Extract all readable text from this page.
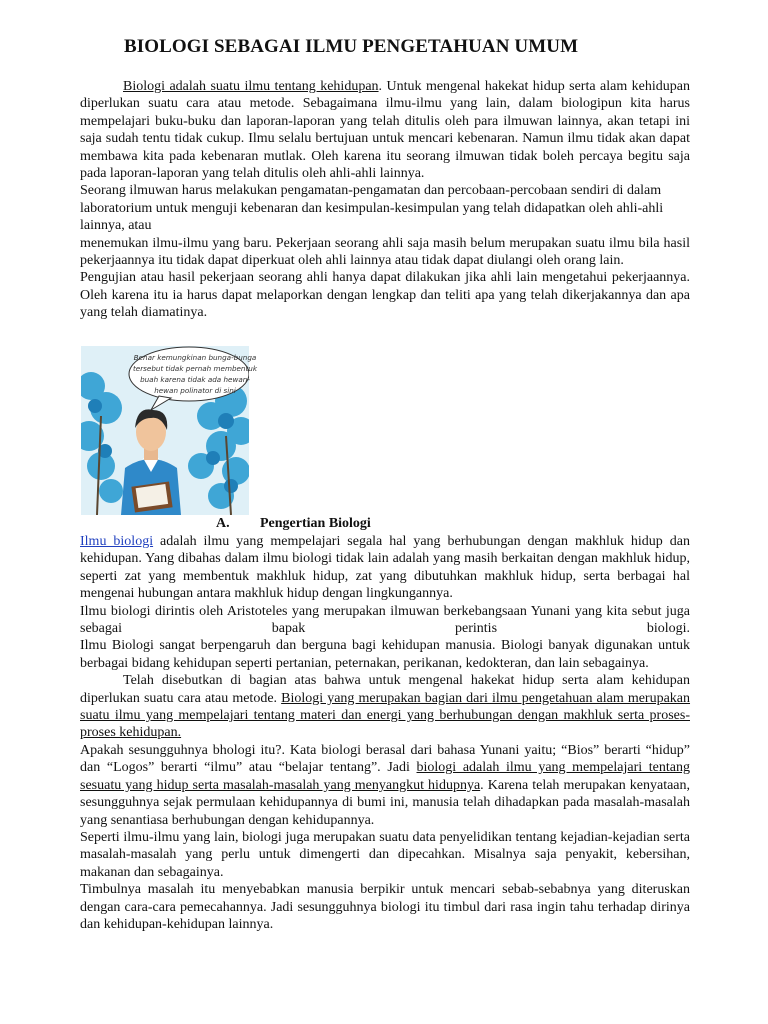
BIOLOGI SEBAGAI ILMU PENGETAHUAN UMUM

Biologi adalah suatu ilmu tentang kehidupan. Untuk mengenal hakekat hidup serta alam kehidupan diperlukan suatu cara atau metode. Sebagaimana ilmu-ilmu yang lain, dalam biologipun kita harus mempelajari buku-buku dan laporan-laporan yang telah ditulis oleh para ilmuwan lainnya, akan tetapi ini saja sudah tentu tidak cukup. Ilmu selalu bertujuan untuk mencari kebenaran. Namun ilmu tidak akan dapat membawa kita pada kebenaran mutlak. Oleh karena itu seorang ilmuwan tidak boleh percaya begitu saja pada laporan-laporan yang telah ditulis oleh ahli-ahli lainnya.

Seorang ilmuwan harus melakukan pengamatan-pengamatan dan percobaan-percobaan sendiri di dalam laboratorium untuk menguji kebenaran dan kesimpulan-kesimpulan yang telah didapatkan oleh ahli-ahli lainnya, atau

menemukan ilmu-ilmu yang baru. Pekerjaan seorang ahli saja masih belum merupakan suatu ilmu bila hasil pekerjaannya itu tidak dapat diperkuat oleh ahli lainnya atau tidak dapat diulangi oleh orang lain.

Pengujian atau hasil pekerjaan seorang ahli hanya dapat dilakukan jika ahli lain mengetahui pekerjaannya. Oleh karena itu ia harus dapat melaporkan dengan lengkap dan teliti apa yang telah dikerjakannya dan apa yang telah diamatinya.

Benar kemungkinan bunga-bunga tersebut tidak pernah membentuk buah karena tidak ada hewan-hewan polinator di sini
A. Pengertian Biologi

Ilmu biologi adalah ilmu yang mempelajari segala hal yang berhubungan dengan makhluk hidup dan kehidupan. Yang dibahas dalam ilmu biologi tidak lain adalah yang masih berkaitan dengan makhluk hidup, seperti zat yang membentuk makhluk hidup, zat yang dibutuhkan makhluk hidup, serta berbagai hal mengenai hubungan antara makhluk hidup dengan lingkungannya.

Ilmu biologi dirintis oleh Aristoteles yang merupakan ilmuwan berkebangsaan Yunani yang kita sebut juga sebagai bapak perintis biologi.

Ilmu Biologi sangat berpengaruh dan berguna bagi kehidupan manusia. Biologi banyak digunakan untuk berbagai bidang kehidupan seperti pertanian, peternakan, perikanan, kedokteran, dan lain sebagainya.

Telah disebutkan di bagian atas bahwa untuk mengenal hakekat hidup serta alam kehidupan diperlukan suatu cara atau metode. Biologi yang merupakan bagian dari ilmu pengetahuan alam merupakan suatu ilmu yang mempelajari tentang materi dan energi yang berhubungan dengan makhluk serta proses-proses kehidupan.

Apakah sesungguhnya bhologi itu?. Kata biologi berasal dari bahasa Yunani yaitu; “Bios” berarti “hidup” dan “Logos” berarti “ilmu” atau “belajar tentang”. Jadi biologi adalah ilmu yang mempelajari tentang sesuatu yang hidup serta masalah-masalah yang menyangkut hidupnya. Karena telah merupakan kenyataan, sesungguhnya sejak permulaan kehidupannya di bumi ini, manusia telah dihadapkan pada masalah-masalah yang senantiasa berhubungan dengan kehidupannya.

Seperti ilmu-ilmu yang lain, biologi juga merupakan suatu data penyelidikan tentang kejadian-kejadian serta masalah-masalah yang perlu untuk dimengerti dan dipecahkan. Misalnya saja penyakit, kebersihan, makanan dan sebagainya.

Timbulnya masalah itu menyebabkan manusia berpikir untuk mencari sebab-sebabnya yang diteruskan dengan cara-cara pemecahannya. Jadi sesungguhnya biologi itu timbul dari rasa ingin tahu terhadap dirinya dan kehidupan-kehidupan lainnya.
